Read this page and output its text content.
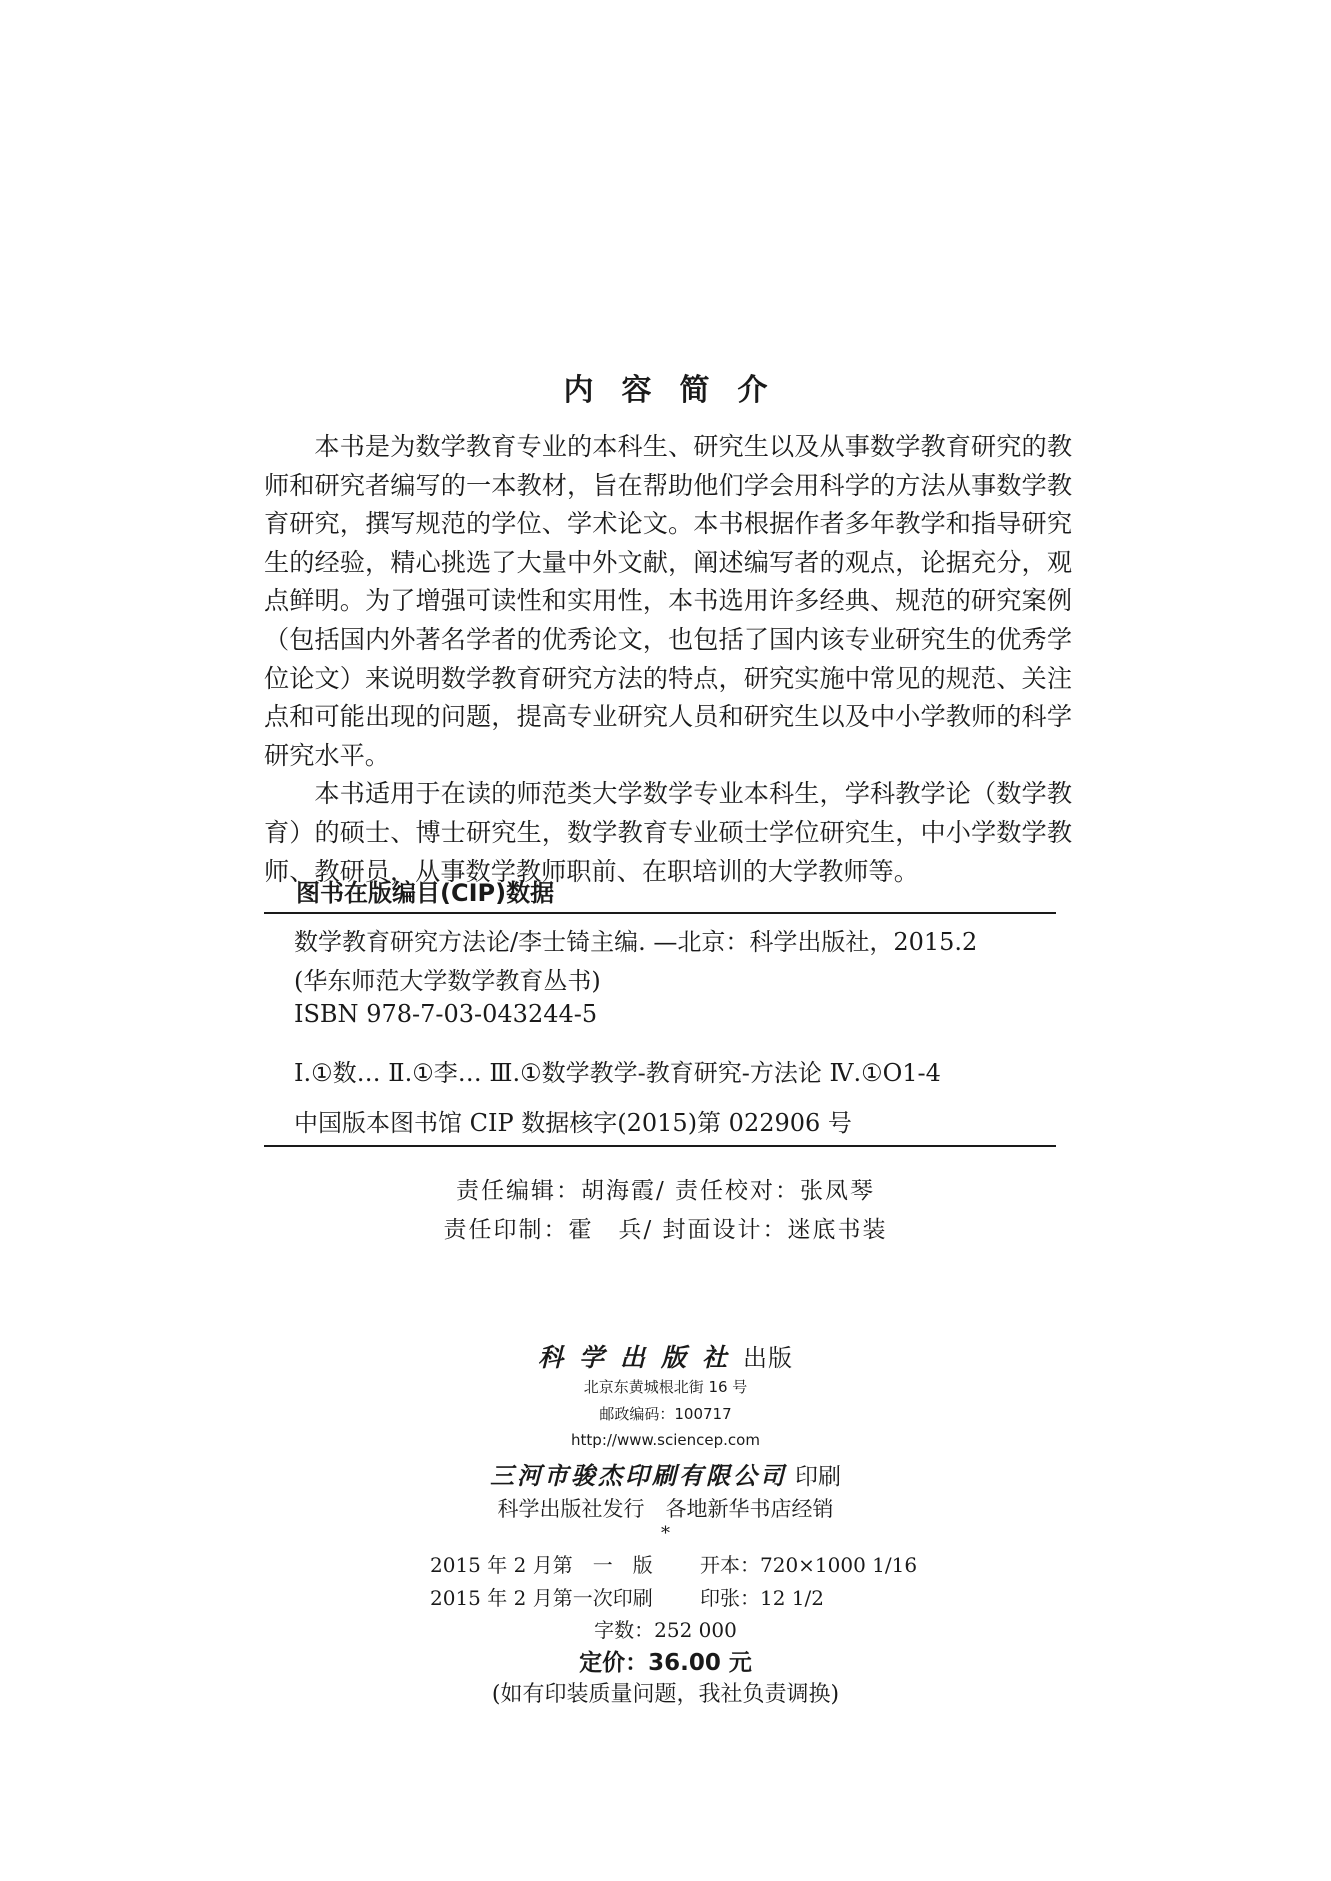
内容简介

本书是为数学教育专业的本科生、研究生以及从事数学教育研究的教师和研究者编写的一本教材，旨在帮助他们学会用科学的方法从事数学教育研究，撰写规范的学位、学术论文。本书根据作者多年教学和指导研究生的经验，精心挑选了大量中外文献，阐述编写者的观点，论据充分，观点鲜明。为了增强可读性和实用性，本书选用许多经典、规范的研究案例（包括国内外著名学者的优秀论文，也包括了国内该专业研究生的优秀学位论文）来说明数学教育研究方法的特点，研究实施中常见的规范、关注点和可能出现的问题，提高专业研究人员和研究生以及中小学教师的科学研究水平。

本书适用于在读的师范类大学数学专业本科生，学科教学论（数学教育）的硕士、博士研究生，数学教育专业硕士学位研究生，中小学数学教师、教研员，从事数学教师职前、在职培训的大学教师等。

图书在版编目(CIP)数据
数学教育研究方法论/李士锜主编. —北京：科学出版社，2015.2
(华东师范大学数学教育丛书)
ISBN 978-7-03-043244-5
Ⅰ.①数… Ⅱ.①李… Ⅲ.①数学教学-教育研究-方法论 Ⅳ.①O1-4
中国版本图书馆 CIP 数据核字(2015)第 022906 号
责任编辑：胡海霞/ 责任校对：张凤琴
责任印制：霍　兵/ 封面设计：迷底书装
科学出版社出版
北京东黄城根北街 16 号
邮政编码：100717
http://www.sciencep.com
三河市骏杰印刷有限公司 印刷
科学出版社发行　各地新华书店经销
*
2015 年 2 月第　一　版 开本：720×1000 1/16
2015 年 2 月第一次印刷 印张：12 1/2
字数：252 000
定价：36.00 元
(如有印装质量问题，我社负责调换)
